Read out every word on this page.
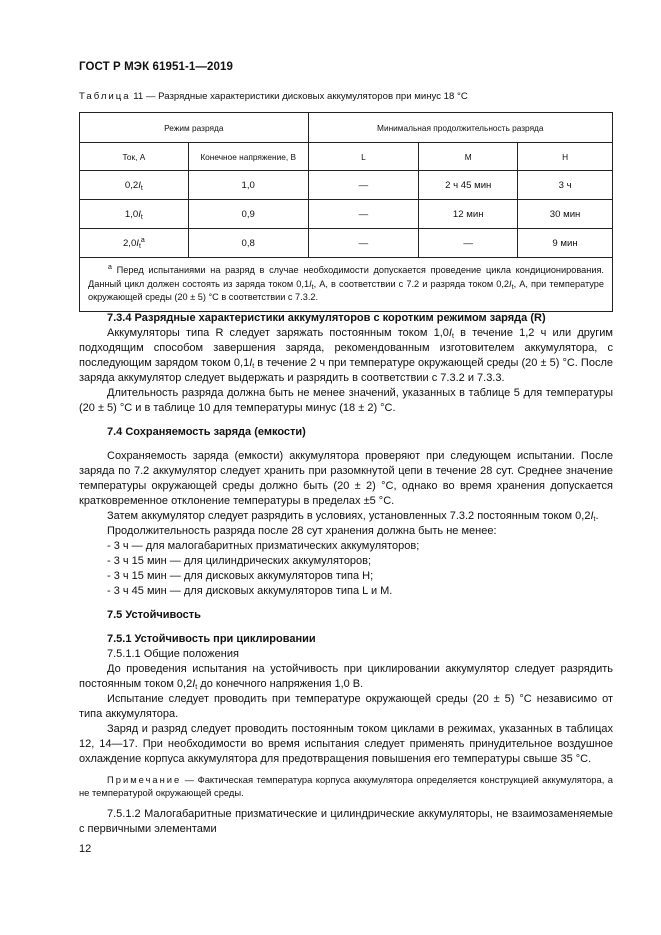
ГОСТ Р МЭК 61951-1—2019
Таблица 11 — Разрядные характеристики дисковых аккумуляторов при минус 18 °C
Режим разряда		Минимальная продолжительность разряда		
Ток, А	Конечное напряжение, В	L	M	H
$0,2I_t$	1,0	—	2 ч 45 мин	3 ч
$1,0I_t$	0,9	—	12 мин	30 мин
$2,0I_t^a$	0,8	—	—	9 мин
$^a$ Перед испытаниями на разряд в случае необходимости допускается проведение цикла кондиционирования. Данный цикл должен состоять из заряда током $0,1I_t$, А, в соответствии с 7.2 и разряда током $0,2I_t$, А, при температуре окружающей среды (20 ± 5) °С в соответствии с 7.3.2.				

7.3.4 Разрядные характеристики аккумуляторов с коротким режимом заряда (R)

Аккумуляторы типа R следует заряжать постоянным током $1,0I_t$ в течение 1,2 ч или другим подходящим способом завершения заряда, рекомендованным изготовителем аккумулятора, с последующим зарядом током $0,1I_t$ в течение 2 ч при температуре окружающей среды (20 ± 5) °С. После заряда аккумулятор следует выдержать и разрядить в соответствии с 7.3.2 и 7.3.3.

Длительность разряда должна быть не менее значений, указанных в таблице 5 для температуры (20 ± 5) °С и в таблице 10 для температуры минус (18 ± 2) °С.

7.4 Сохраняемость заряда (емкости)

Сохраняемость заряда (емкости) аккумулятора проверяют при следующем испытании. После заряда по 7.2 аккумулятор следует хранить при разомкнутой цепи в течение 28 сут. Среднее значение температуры окружающей среды должно быть (20 ± 2) °С, однако во время хранения допускается кратковременное отклонение температуры в пределах ±5 °С.

Затем аккумулятор следует разрядить в условиях, установленных 7.3.2 постоянным током $0,2I_t$.

Продолжительность разряда после 28 сут хранения должна быть не менее:

- 3 ч — для малогабаритных призматических аккумуляторов;

- 3 ч 15 мин — для цилиндрических аккумуляторов;

- 3 ч 15 мин — для дисковых аккумуляторов типа H;

- 3 ч 45 мин — для дисковых аккумуляторов типа L и M.

7.5 Устойчивость

7.5.1 Устойчивость при циклировании

7.5.1.1 Общие положения

До проведения испытания на устойчивость при циклировании аккумулятор следует разрядить постоянным током $0,2I_t$ до конечного напряжения 1,0 В.

Испытание следует проводить при температуре окружающей среды (20 ± 5) °С независимо от типа аккумулятора.

Заряд и разряд следует проводить постоянным током циклами в режимах, указанных в таблицах 12, 14—17. При необходимости во время испытания следует применять принудительное воздушное охлаждение корпуса аккумулятора для предотвращения повышения его температуры свыше 35 °С.

Примечание — Фактическая температура корпуса аккумулятора определяется конструкцией аккумулятора, а не температурой окружающей среды.

7.5.1.2 Малогабаритные призматические и цилиндрические аккумуляторы, не взаимозаменяемые с первичными элементами

12
